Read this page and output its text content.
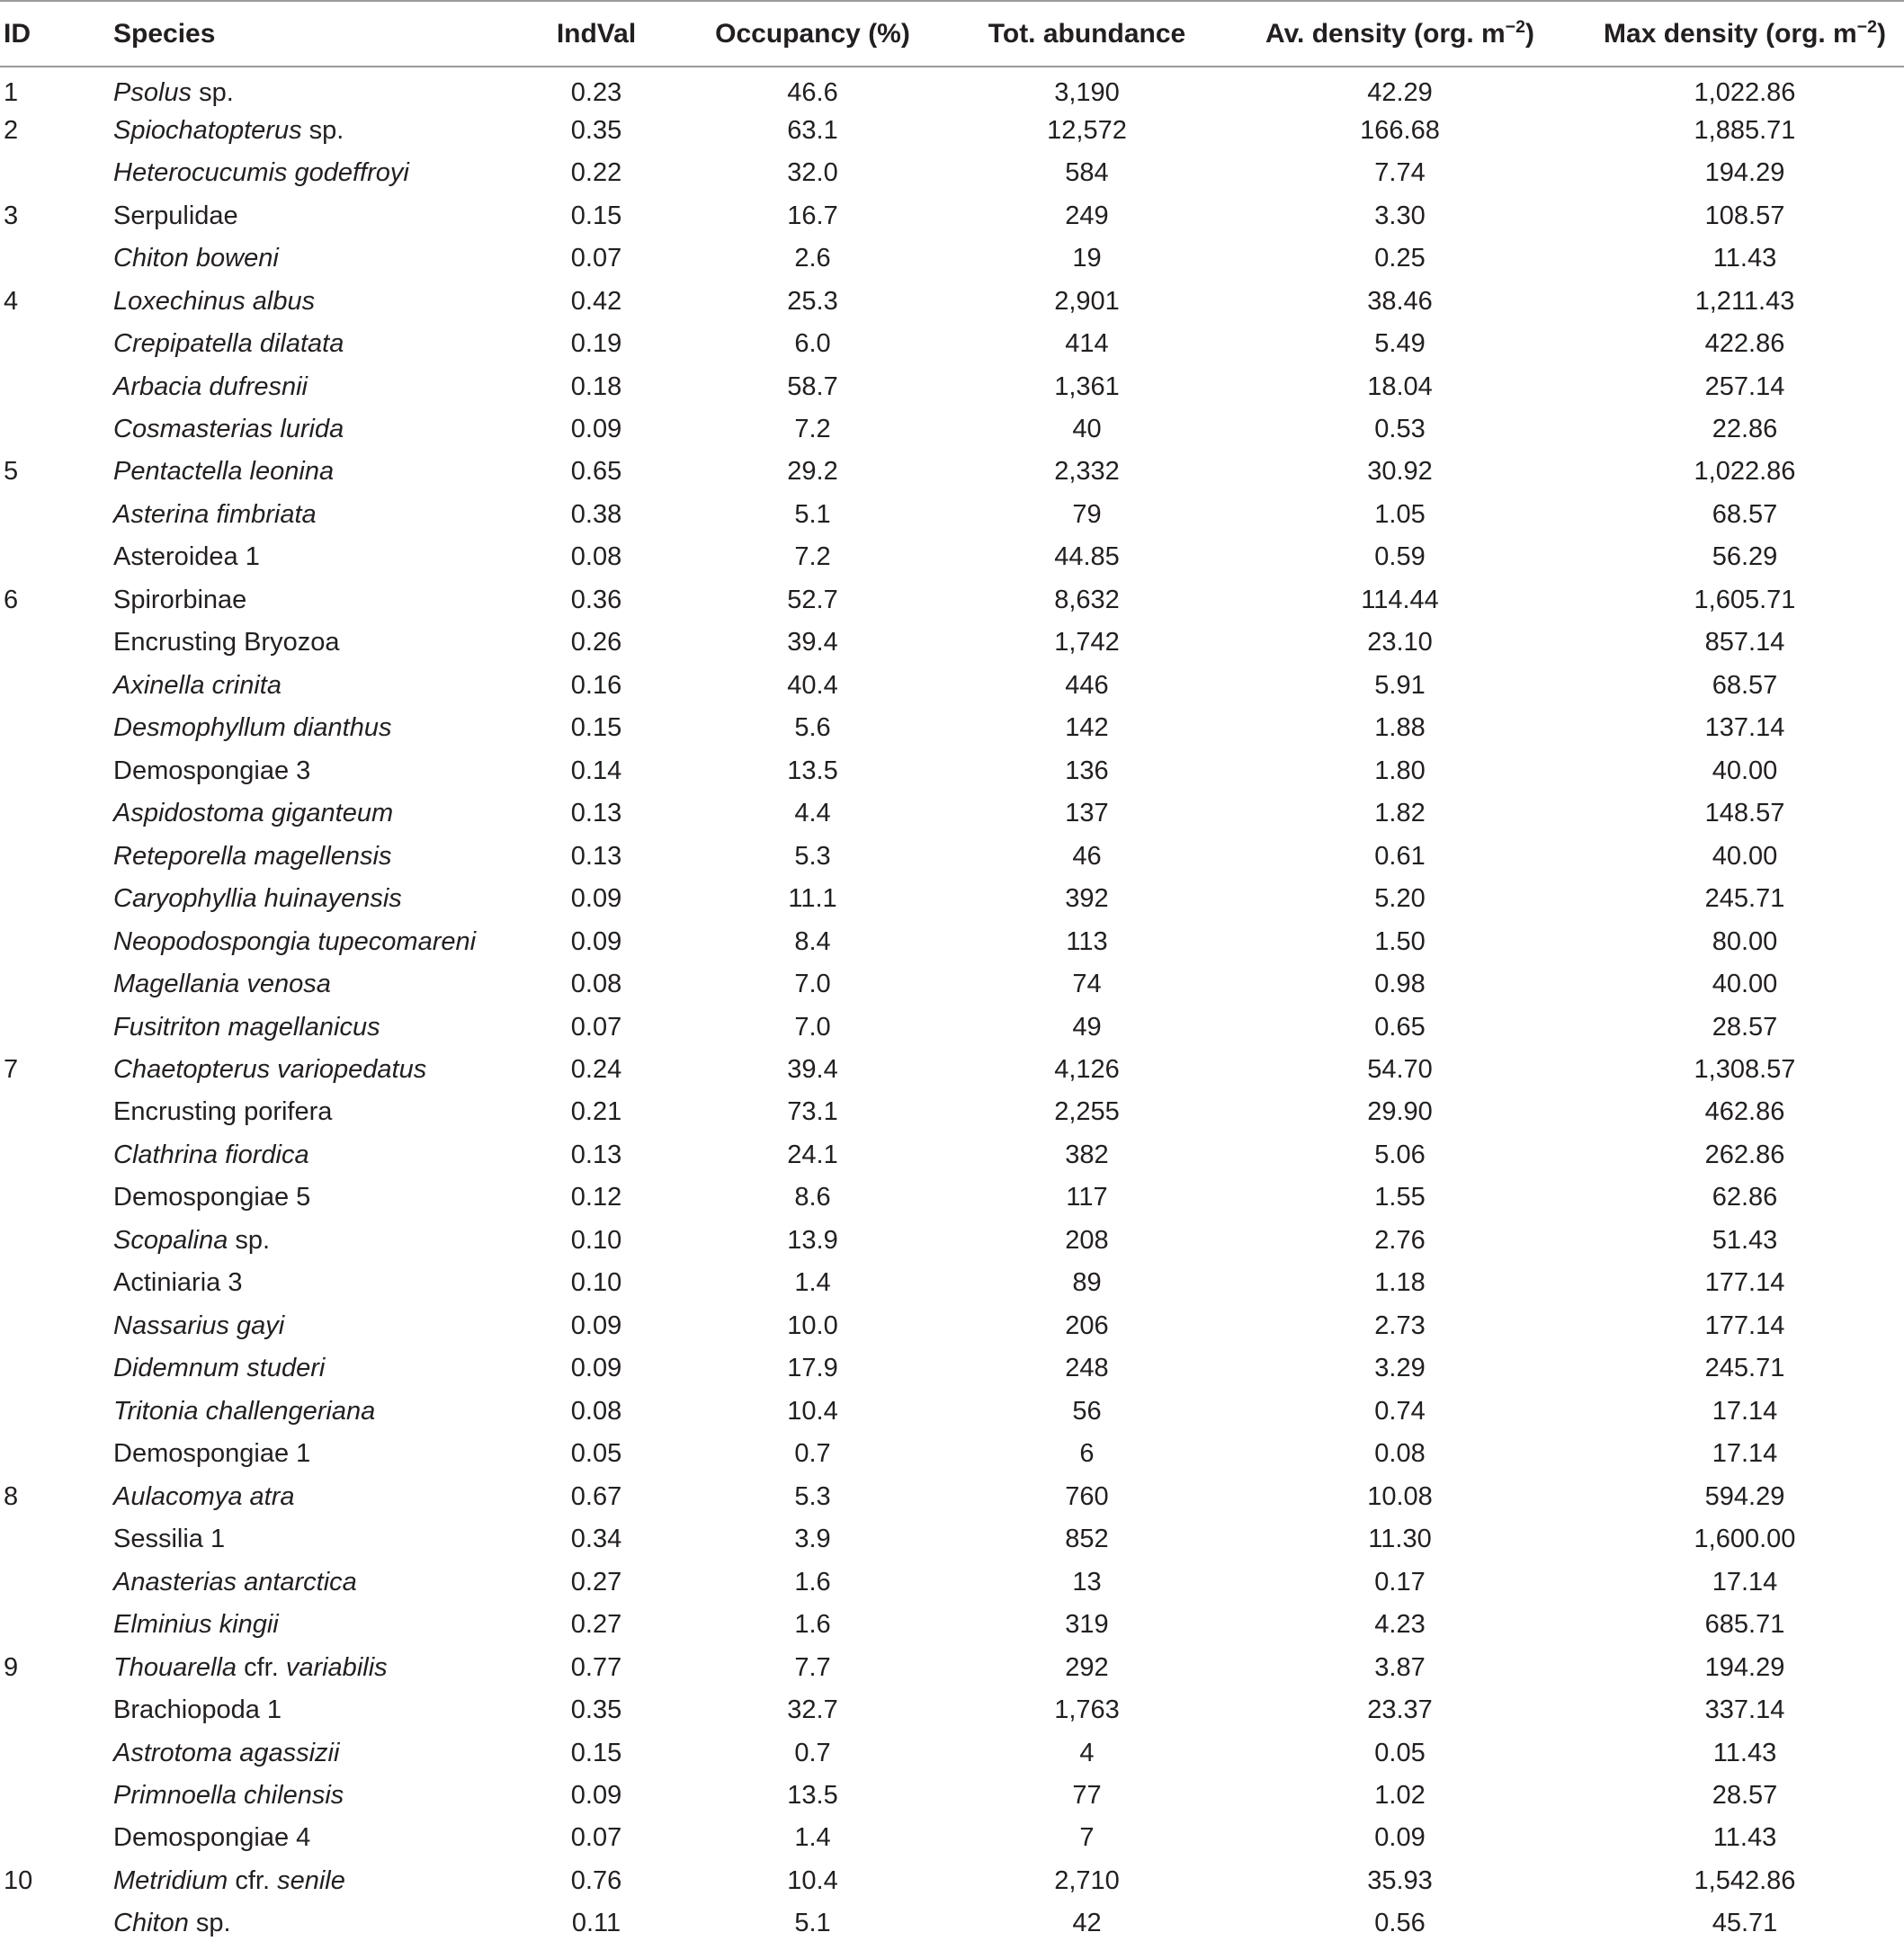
ID	Species	IndVal	Occupancy (%)	Tot. abundance	Av. density (org. $m^{-2}$)	Max density (org. $m^{-2}$)
1	Psolus sp.	0.23	46.6	3,190	42.29	1,022.86
2	Spiochatopterus sp.	0.35	63.1	12,572	166.68	1,885.71
	Heterocucumis godeffroyi	0.22	32.0	584	7.74	194.29
3	Serpulidae	0.15	16.7	249	3.30	108.57
	Chiton boweni	0.07	2.6	19	0.25	11.43
4	Loxechinus albus	0.42	25.3	2,901	38.46	1,211.43
	Crepipatella dilatata	0.19	6.0	414	5.49	422.86
	Arbacia dufresnii	0.18	58.7	1,361	18.04	257.14
	Cosmasterias lurida	0.09	7.2	40	0.53	22.86
5	Pentactella leonina	0.65	29.2	2,332	30.92	1,022.86
	Asterina fimbriata	0.38	5.1	79	1.05	68.57
	Asteroidea 1	0.08	7.2	44.85	0.59	56.29
6	Spirorbinae	0.36	52.7	8,632	114.44	1,605.71
	Encrusting Bryozoa	0.26	39.4	1,742	23.10	857.14
	Axinella crinita	0.16	40.4	446	5.91	68.57
	Desmophyllum dianthus	0.15	5.6	142	1.88	137.14
	Demospongiae 3	0.14	13.5	136	1.80	40.00
	Aspidostoma giganteum	0.13	4.4	137	1.82	148.57
	Reteporella magellensis	0.13	5.3	46	0.61	40.00
	Caryophyllia huinayensis	0.09	11.1	392	5.20	245.71
	Neopodospongia tupecomareni	0.09	8.4	113	1.50	80.00
	Magellania venosa	0.08	7.0	74	0.98	40.00
	Fusitriton magellanicus	0.07	7.0	49	0.65	28.57
7	Chaetopterus variopedatus	0.24	39.4	4,126	54.70	1,308.57
	Encrusting porifera	0.21	73.1	2,255	29.90	462.86
	Clathrina fiordica	0.13	24.1	382	5.06	262.86
	Demospongiae 5	0.12	8.6	117	1.55	62.86
	Scopalina sp.	0.10	13.9	208	2.76	51.43
	Actiniaria 3	0.10	1.4	89	1.18	177.14
	Nassarius gayi	0.09	10.0	206	2.73	177.14
	Didemnum studeri	0.09	17.9	248	3.29	245.71
	Tritonia challengeriana	0.08	10.4	56	0.74	17.14
	Demospongiae 1	0.05	0.7	6	0.08	17.14
8	Aulacomya atra	0.67	5.3	760	10.08	594.29
	Sessilia 1	0.34	3.9	852	11.30	1,600.00
	Anasterias antarctica	0.27	1.6	13	0.17	17.14
	Elminius kingii	0.27	1.6	319	4.23	685.71
9	Thouarella cfr. variabilis	0.77	7.7	292	3.87	194.29
	Brachiopoda 1	0.35	32.7	1,763	23.37	337.14
	Astrotoma agassizii	0.15	0.7	4	0.05	11.43
	Primnoella chilensis	0.09	13.5	77	1.02	28.57
	Demospongiae 4	0.07	1.4	7	0.09	11.43
10	Metridium cfr. senile	0.76	10.4	2,710	35.93	1,542.86
	Chiton sp.	0.11	5.1	42	0.56	45.71
